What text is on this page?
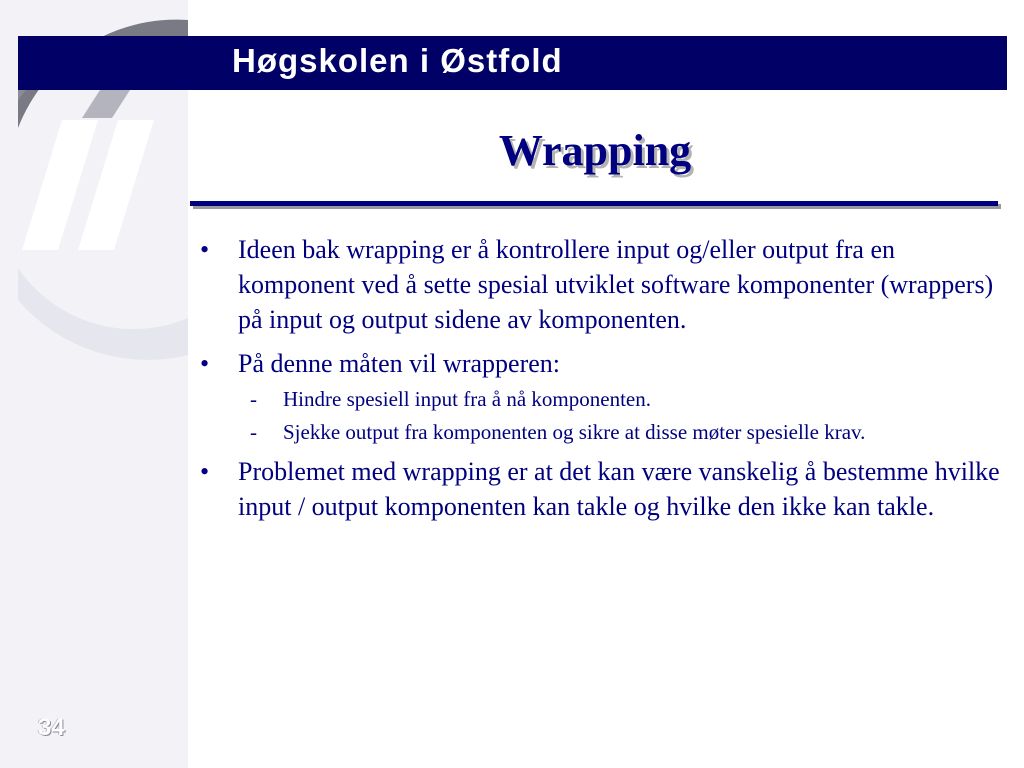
Høgskolen i Østfold
Wrapping
•	Ideen bak wrapping er å kontrollere input og/eller output fra en komponent ved å sette spesial utviklet software komponenter (wrappers) på input og output sidene av komponenten.
•	På denne måten vil wrapperen:
-	Hindre spesiell input fra å nå komponenten.
-	Sjekke output fra komponenten og sikre at disse møter spesielle krav.
•	Problemet med wrapping er at det kan være vanskelig å bestemme hvilke input / output komponenten kan takle og hvilke den ikke kan takle.
34
